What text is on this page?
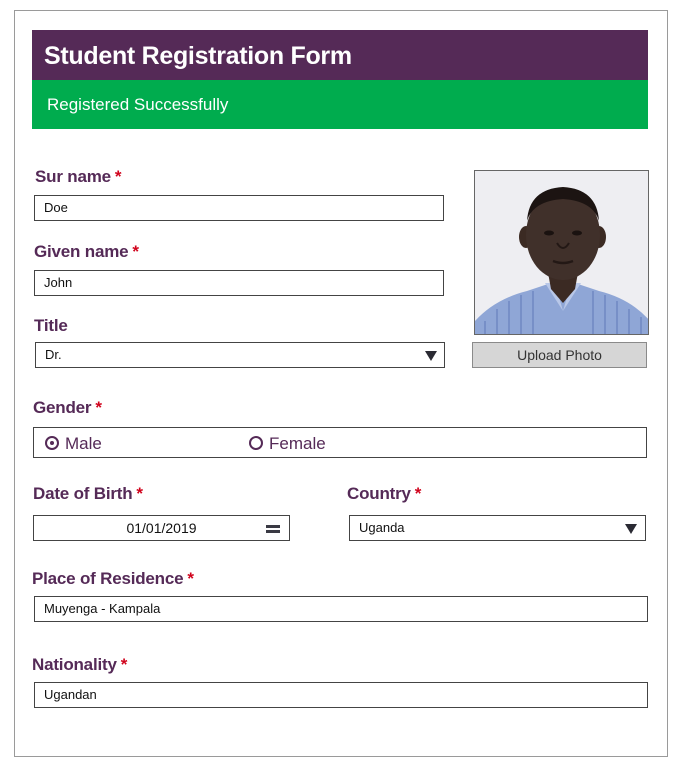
Student Registration Form
Registered Successfully
Sur name *
Doe
Given name *
John
Title
Dr.	Upload Photo
Gender *
Male	Female
Date of Birth *
01/01/2019
Country *
Uganda
Place of Residence *
Muyenga - Kampala
Nationality *
Ugandan
